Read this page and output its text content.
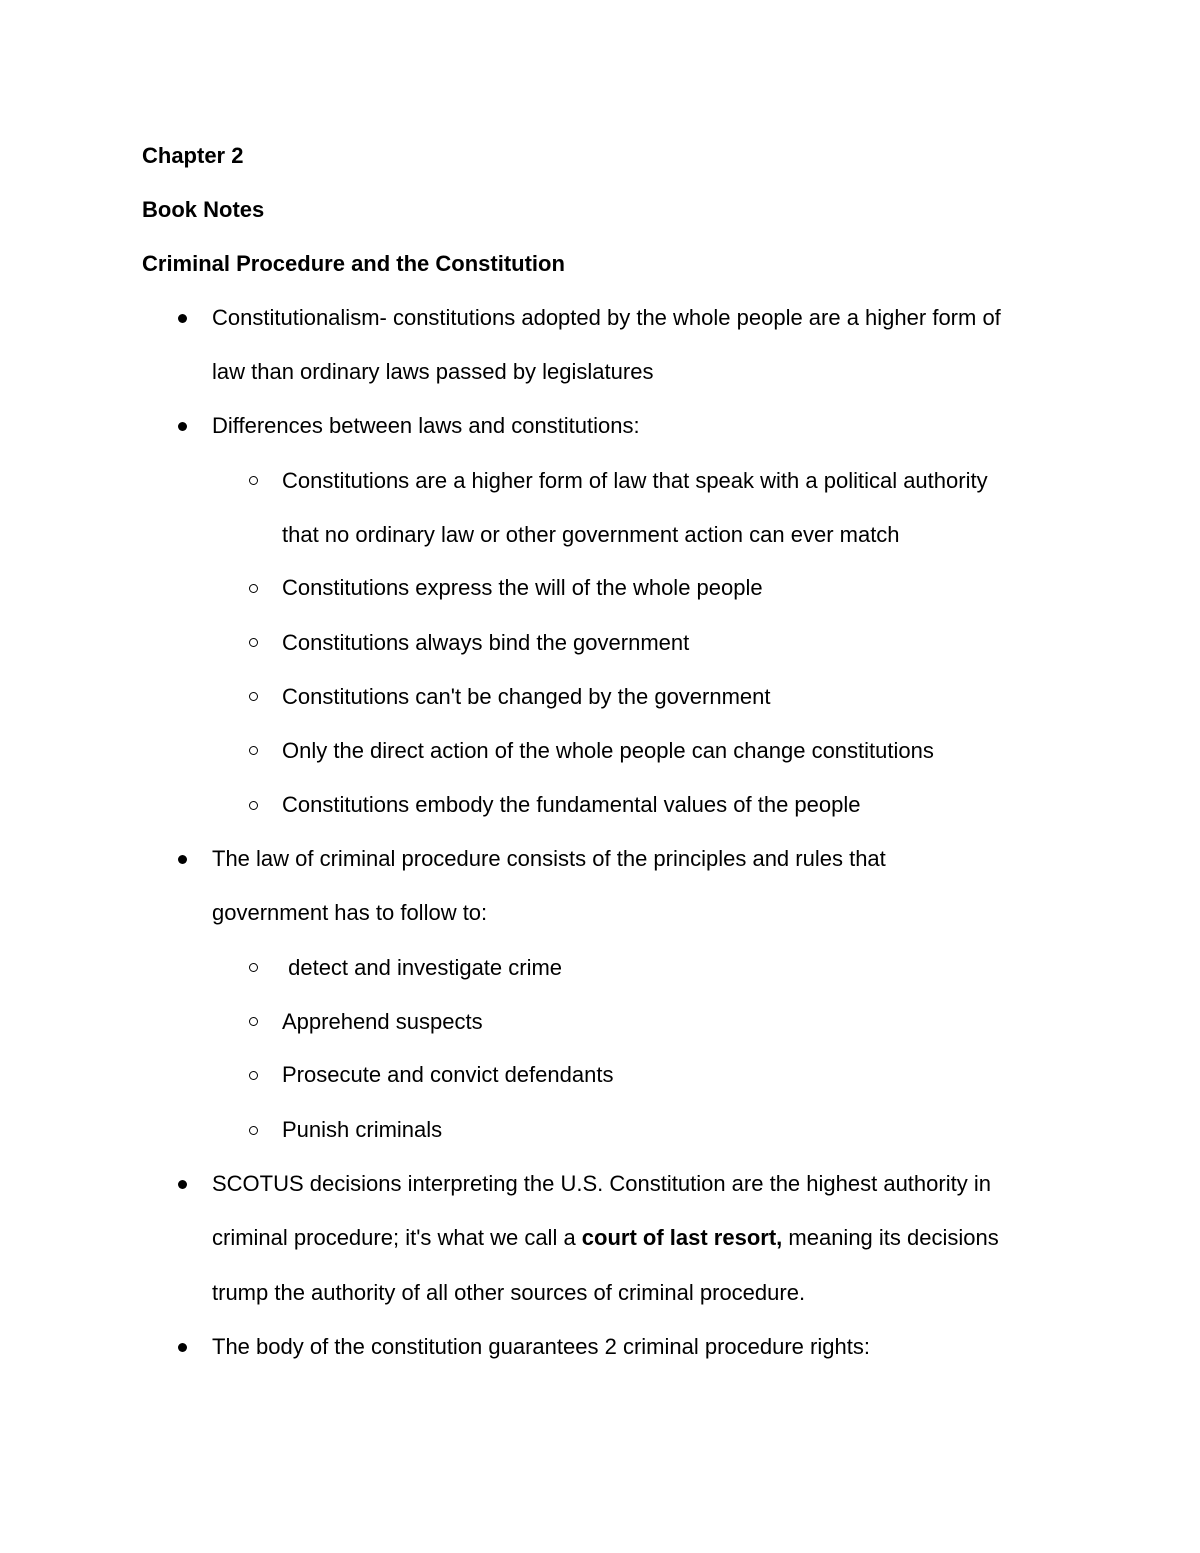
Chapter 2

Book Notes

Criminal Procedure and the Constitution

Constitutionalism- constitutions adopted by the whole people are a higher form of

law than ordinary laws passed by legislatures

Differences between laws and constitutions:

Constitutions are a higher form of law that speak with a political authority

that no ordinary law or other government action can ever match

Constitutions express the will of the whole people

Constitutions always bind the government

Constitutions can't be changed by the government

Only the direct action of the whole people can change constitutions

Constitutions embody the fundamental values of the people

The law of criminal procedure consists of the principles and rules that

government has to follow to:

detect and investigate crime

Apprehend suspects

Prosecute and convict defendants

Punish criminals

SCOTUS decisions interpreting the U.S. Constitution are the highest authority in

criminal procedure; it's what we call a court of last resort, meaning its decisions

trump the authority of all other sources of criminal procedure.

The body of the constitution guarantees 2 criminal procedure rights:
